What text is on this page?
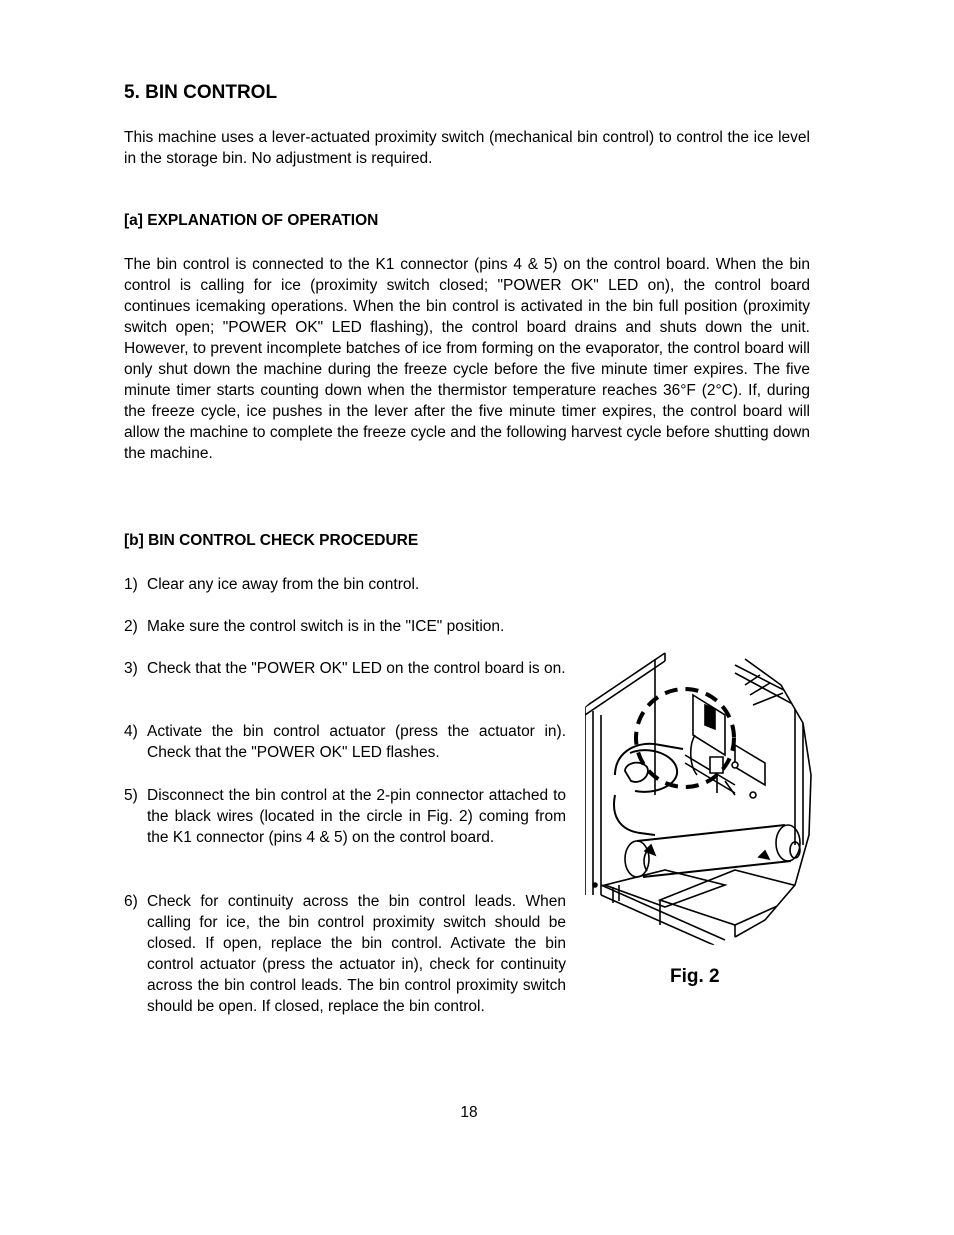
5. BIN CONTROL
This machine uses a lever-actuated proximity switch (mechanical bin control) to control the ice level in the storage bin. No adjustment is required.
[a] EXPLANATION OF OPERATION
The bin control is connected to the K1 connector (pins 4 & 5) on the control board. When the bin control is calling for ice (proximity switch closed; "POWER OK" LED on), the control board continues icemaking operations. When the bin control is activated in the bin full position (proximity switch open; "POWER OK" LED flashing), the control board drains and shuts down the unit. However, to prevent incomplete batches of ice from forming on the evaporator, the control board will only shut down the machine during the freeze cycle before the five minute timer expires. The five minute timer starts counting down when the thermistor temperature reaches 36°F (2°C). If, during the freeze cycle, ice pushes in the lever after the five minute timer expires, the control board will allow the machine to complete the freeze cycle and the following harvest cycle before shutting down the machine.
[b] BIN CONTROL CHECK PROCEDURE
1) Clear any ice away from the bin control.
2) Make sure the control switch is in the "ICE" position.
3) Check that the "POWER OK" LED on the control board is on.
4) Activate the bin control actuator (press the actuator in). Check that the "POWER OK" LED flashes.
5) Disconnect the bin control at the 2-pin connector attached to the black wires (located in the circle in Fig. 2) coming from the K1 connector (pins 4 & 5) on the control board.
6) Check for continuity across the bin control leads. When calling for ice, the bin control proximity switch should be closed. If open, replace the bin control. Activate the bin control actuator (press the actuator in), check for continuity across the bin control leads. The bin control proximity switch should be open. If closed, replace the bin control.
Fig. 2
18
